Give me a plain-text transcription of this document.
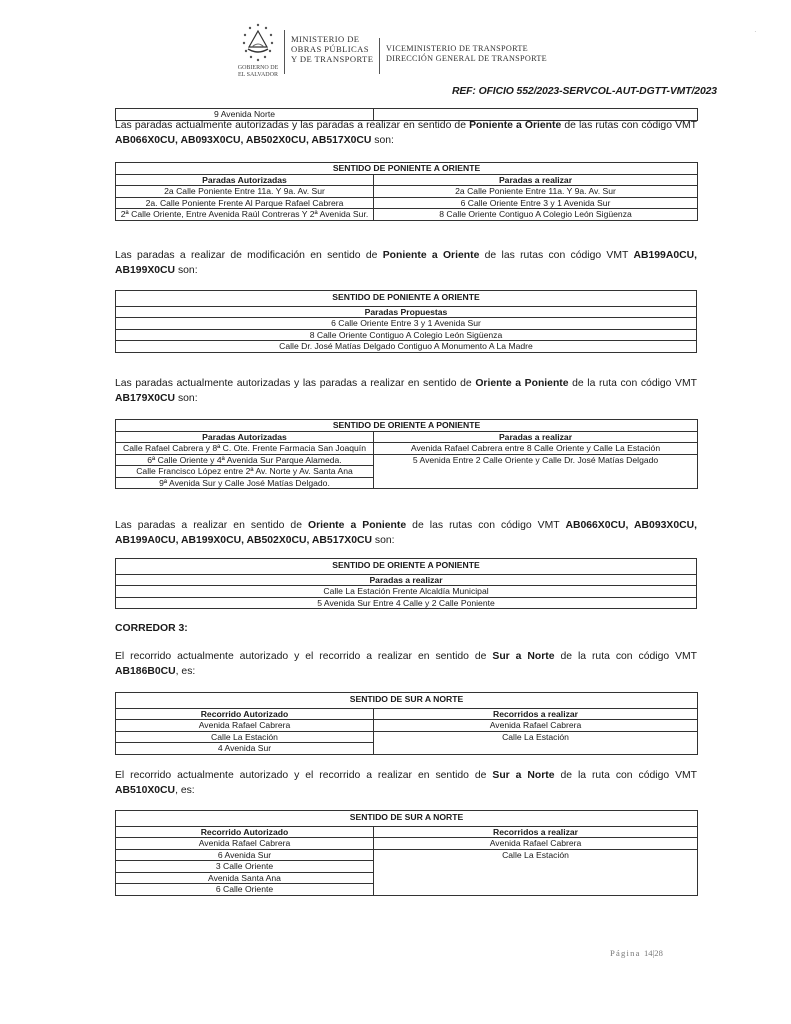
GOBIERNO DE
EL SALVADOR
MINISTERIO DE
OBRAS PÚBLICAS
Y DE TRANSPORTE
VICEMINISTERIO DE TRANSPORTE
DIRECCIÓN GENERAL DE TRANSPORTE
·
REF: OFICIO 552/2023-SERVCOL-AUT-DGTT-VMT/2023
9 Avenida Norte	
Las paradas actualmente autorizadas y las paradas a realizar en sentido de Poniente a Oriente de las rutas con código VMT AB066X0CU, AB093X0CU, AB502X0CU, AB517X0CU son:
SENTIDO DE PONIENTE A ORIENTE	
Paradas Autorizadas	Paradas a realizar
2a Calle Poniente Entre 11a. Y 9a. Av. Sur	2a Calle Poniente Entre 11a. Y 9a. Av. Sur
2a. Calle Poniente Frente Al Parque Rafael Cabrera	6 Calle Oriente Entre 3 y 1 Avenida Sur
2ª Calle Oriente, Entre Avenida Raúl Contreras Y 2ª Avenida Sur.	8 Calle Oriente Contiguo A Colegio León Sigüenza
Las paradas a realizar de modificación en sentido de Poniente a Oriente de las rutas con código VMT AB199A0CU, AB199X0CU son:
SENTIDO DE PONIENTE A ORIENTE
Paradas Propuestas
6 Calle Oriente Entre 3 y 1 Avenida Sur
8 Calle Oriente Contiguo A Colegio León Sigüenza
Calle Dr. José Matías Delgado Contiguo A Monumento A La Madre
Las paradas actualmente autorizadas y las paradas a realizar en sentido de Oriente a Poniente de la ruta con código VMT AB179X0CU son:
SENTIDO DE ORIENTE A PONIENTE	
Paradas Autorizadas	Paradas a realizar
Calle Rafael Cabrera y 8ª C. Ote. Frente Farmacia San Joaquín	Avenida Rafael Cabrera entre 8 Calle Oriente y Calle La Estación
6ª Calle Oriente y 4ª Avenida Sur Parque Alameda.	5 Avenida Entre 2 Calle Oriente y Calle Dr. José Matías Delgado
Calle Francisco López entre 2ª Av. Norte y Av. Santa Ana	
9ª Avenida Sur y Calle José Matías Delgado.	
Las paradas a realizar en sentido de Oriente a Poniente de las rutas con código VMT AB066X0CU, AB093X0CU, AB199A0CU, AB199X0CU, AB502X0CU, AB517X0CU son:
SENTIDO DE ORIENTE A PONIENTE
Paradas a realizar
Calle La Estación Frente Alcaldía Municipal
5 Avenida Sur Entre 4 Calle y 2 Calle Poniente
CORREDOR 3:
El recorrido actualmente autorizado y el recorrido a realizar en sentido de Sur a Norte de la ruta con código VMT AB186B0CU, es:
SENTIDO DE SUR A NORTE	
Recorrido Autorizado	Recorridos a realizar
Avenida Rafael Cabrera	Avenida Rafael Cabrera
Calle La Estación	Calle La Estación
4 Avenida Sur	
El recorrido actualmente autorizado y el recorrido a realizar en sentido de Sur a Norte de la ruta con código VMT AB510X0CU, es:
SENTIDO DE SUR A NORTE	
Recorrido Autorizado	Recorridos a realizar
Avenida Rafael Cabrera	Avenida Rafael Cabrera
6 Avenida Sur	Calle La Estación
3 Calle Oriente	
Avenida Santa Ana	
6 Calle Oriente	
Página 14|28
